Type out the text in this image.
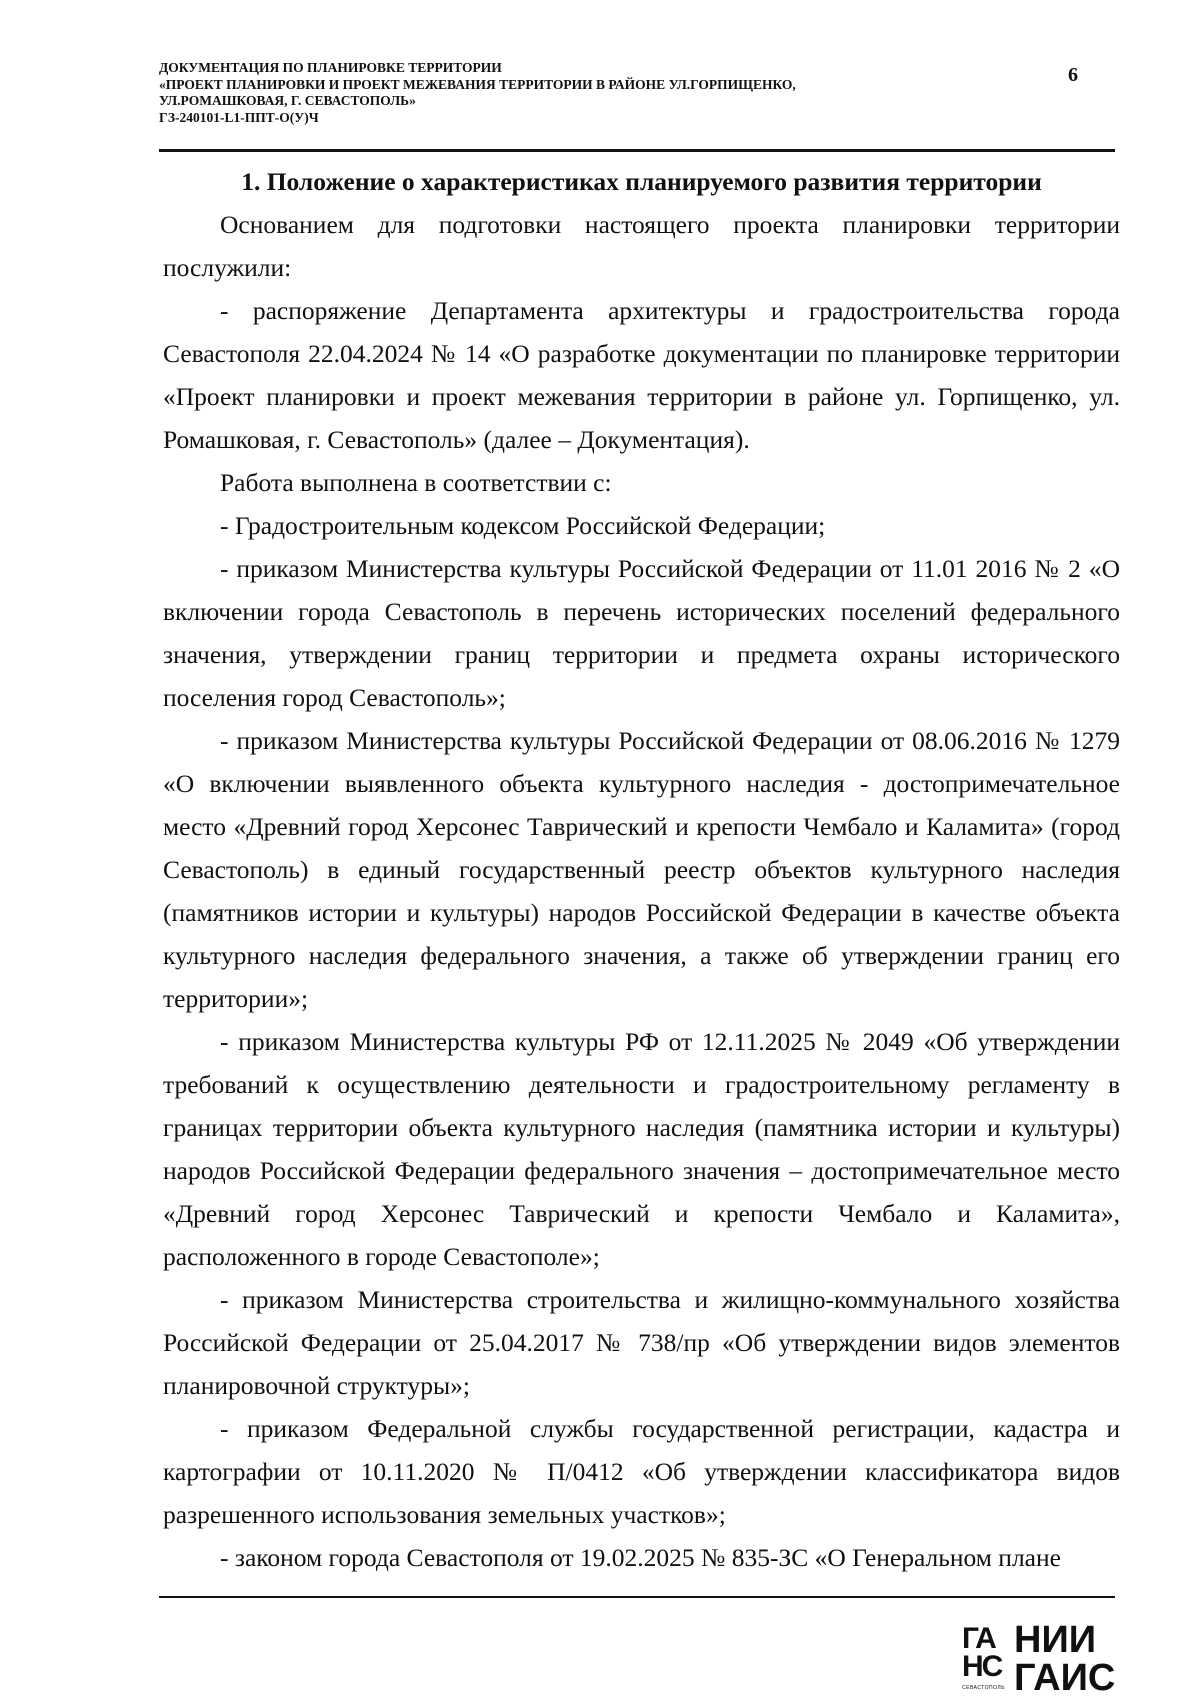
ДОКУМЕНТАЦИЯ ПО ПЛАНИРОВКЕ ТЕРРИТОРИИ
«ПРОЕКТ ПЛАНИРОВКИ И ПРОЕКТ МЕЖЕВАНИЯ ТЕРРИТОРИИ В РАЙОНЕ УЛ.ГОРПИЩЕНКО,
УЛ.РОМАШКОВАЯ, Г. СЕВАСТОПОЛЬ»
ГЗ-240101-L1-ППТ-О(У)Ч
6
1. Положение о характеристиках планируемого развития территории

Основанием для подготовки настоящего проекта планировки территории послужили:

- распоряжение Департамента архитектуры и градостроительства города Севастополя 22.04.2024 № 14 «О разработке документации по планировке территории «Проект планировки и проект межевания территории в районе ул. Горпищенко, ул. Ромашковая, г. Севастополь» (далее – Документация).

Работа выполнена в соответствии с:

- Градостроительным кодексом Российской Федерации;

- приказом Министерства культуры Российской Федерации от 11.01 2016 № 2 «О включении города Севастополь в перечень исторических поселений федерального значения, утверждении границ территории и предмета охраны исторического поселения город Севастополь»;

- приказом Министерства культуры Российской Федерации от 08.06.2016 № 1279 «О включении выявленного объекта культурного наследия - достопримечательное место «Древний город Херсонес Таврический и крепости Чембало и Каламита» (город Севастополь) в единый государственный реестр объектов культурного наследия (памятников истории и культуры) народов Российской Федерации в качестве объекта культурного наследия федерального значения, а также об утверждении границ его территории»;

- приказом Министерства культуры РФ от 12.11.2025 № 2049 «Об утверждении требований к осуществлению деятельности и градостроительному регламенту в границах территории объекта культурного наследия (памятника истории и культуры) народов Российской Федерации федерального значения – достопримечательное место «Древний город Херсонес Таврический и крепости Чембало и Каламита», расположенного в городе Севастополе»;

- приказом Министерства строительства и жилищно-коммунального хозяйства Российской Федерации от 25.04.2017 № 738/пр «Об утверждении видов элементов планировочной структуры»;

- приказом Федеральной службы государственной регистрации, кадастра и картографии от 10.11.2020 № П/0412 «Об утверждении классификатора видов разрешенного использования земельных участков»;

- законом города Севастополя от 19.02.2025 № 835-ЗС «О Генеральном плане

ГА
НС
СЕВАСТОПОЛЬ
НИИ
ГАИС
